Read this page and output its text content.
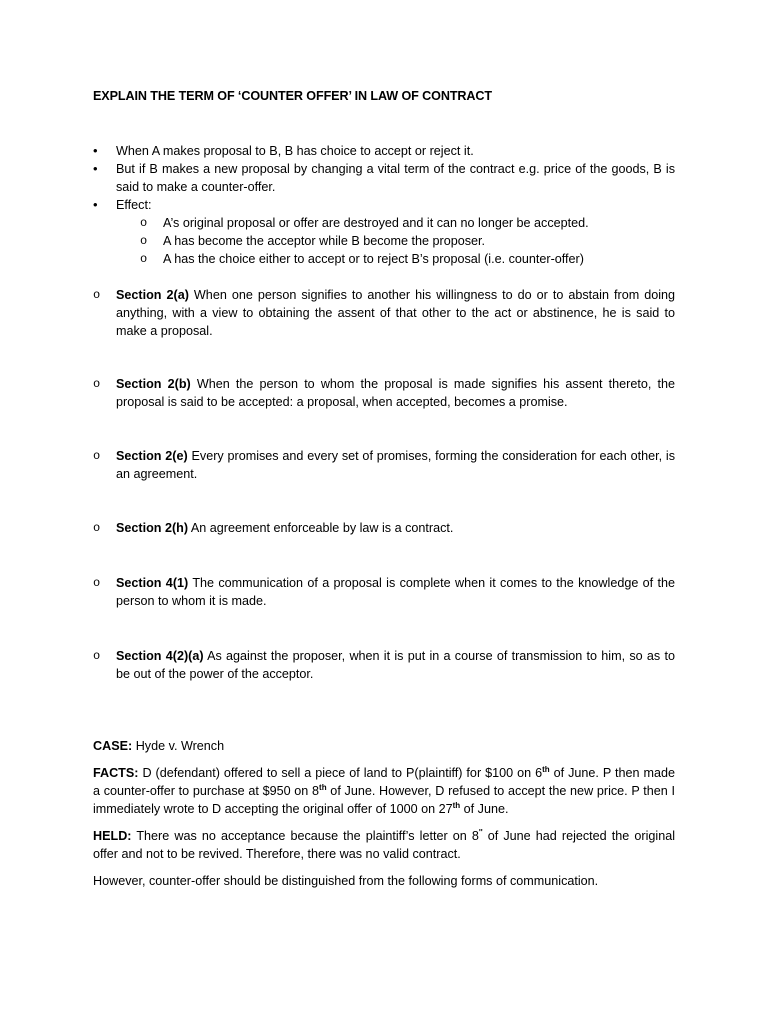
EXPLAIN THE TERM OF ‘COUNTER OFFER’ IN LAW OF CONTRACT
•
When A makes proposal to B, B has choice to accept or reject it.
•
But if B makes a new proposal by changing a vital term of the contract e.g. price of the goods, B is said to make a counter-offer.
•
Effect:
o A’s original proposal or offer are destroyed and it can no longer be accepted.
o A has become the acceptor while B become the proposer.
o A has the choice either to accept or to reject B’s proposal (i.e. counter-offer)
o Section 2(a) When one person signifies to another his willingness to do or to abstain from doing anything, with a view to obtaining the assent of that other to the act or abstinence, he is said to make a proposal.
o Section 2(b) When the person to whom the proposal is made signifies his assent thereto, the proposal is said to be accepted: a proposal, when accepted, becomes a promise.
o Section 2(e) Every promises and every set of promises, forming the consideration for each other, is an agreement.
o Section 2(h) An agreement enforceable by law is a contract.
o Section 4(1) The communication of a proposal is complete when it comes to the knowledge of the person to whom it is made.
o Section 4(2)(a) As against the proposer, when it is put in a course of transmission to him, so as to be out of the power of the acceptor.
CASE: Hyde v. Wrench
FACTS: D (defendant) offered to sell a piece of land to P(plaintiff) for $100 on 6th of June. P then made a counter-offer to purchase at $950 on 8th of June. However, D refused to accept the new price. P then I immediately wrote to D accepting the original offer of 1000 on 27th of June.
HELD: There was no acceptance because the plaintiff’s letter on 8'' of June had rejected the original offer and not to be revived. Therefore, there was no valid contract.
However, counter-offer should be distinguished from the following forms of communication.
